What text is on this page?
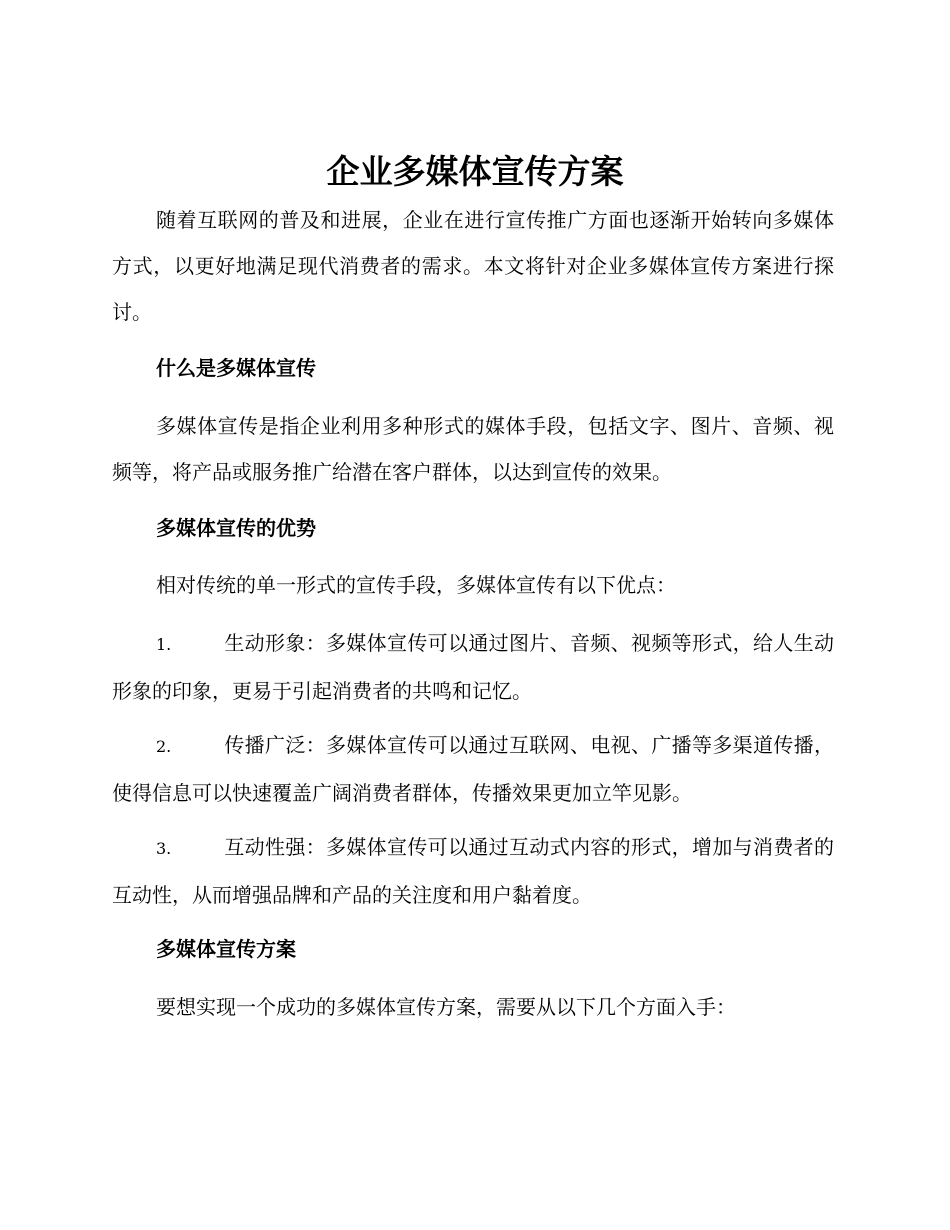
企业多媒体宣传方案
随着互联网的普及和进展，企业在进行宣传推广方面也逐渐开始转向多媒体方式，以更好地满足现代消费者的需求。本文将针对企业多媒体宣传方案进行探讨。
什么是多媒体宣传
多媒体宣传是指企业利用多种形式的媒体手段，包括文字、图片、音频、视频等，将产品或服务推广给潜在客户群体，以达到宣传的效果。
多媒体宣传的优势
相对传统的单一形式的宣传手段，多媒体宣传有以下优点：
1.	生动形象：多媒体宣传可以通过图片、音频、视频等形式，给人生动形象的印象，更易于引起消费者的共鸣和记忆。
2.	传播广泛：多媒体宣传可以通过互联网、电视、广播等多渠道传播，使得信息可以快速覆盖广阔消费者群体，传播效果更加立竿见影。
3.	互动性强：多媒体宣传可以通过互动式内容的形式，增加与消费者的互动性，从而增强品牌和产品的关注度和用户黏着度。
多媒体宣传方案
要想实现一个成功的多媒体宣传方案，需要从以下几个方面入手：
